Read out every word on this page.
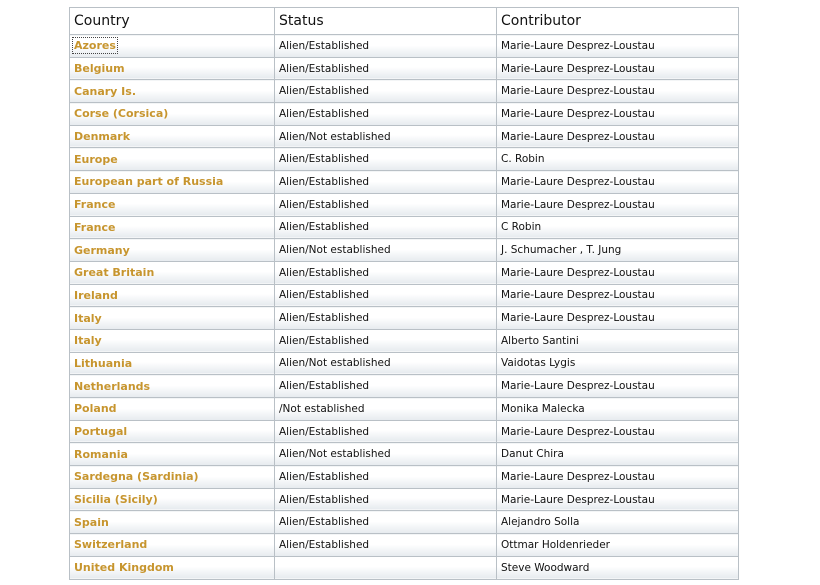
Country	Status	Contributor
Azores	Alien/Established	Marie-Laure Desprez-Loustau
Belgium	Alien/Established	Marie-Laure Desprez-Loustau
Canary Is.	Alien/Established	Marie-Laure Desprez-Loustau
Corse (Corsica)	Alien/Established	Marie-Laure Desprez-Loustau
Denmark	Alien/Not established	Marie-Laure Desprez-Loustau
Europe	Alien/Established	C. Robin
European part of Russia	Alien/Established	Marie-Laure Desprez-Loustau
France	Alien/Established	Marie-Laure Desprez-Loustau
France	Alien/Established	C Robin
Germany	Alien/Not established	J. Schumacher , T. Jung
Great Britain	Alien/Established	Marie-Laure Desprez-Loustau
Ireland	Alien/Established	Marie-Laure Desprez-Loustau
Italy	Alien/Established	Marie-Laure Desprez-Loustau
Italy	Alien/Established	Alberto Santini
Lithuania	Alien/Not established	Vaidotas Lygis
Netherlands	Alien/Established	Marie-Laure Desprez-Loustau
Poland	/Not established	Monika Malecka
Portugal	Alien/Established	Marie-Laure Desprez-Loustau
Romania	Alien/Not established	Danut Chira
Sardegna (Sardinia)	Alien/Established	Marie-Laure Desprez-Loustau
Sicilia (Sicily)	Alien/Established	Marie-Laure Desprez-Loustau
Spain	Alien/Established	Alejandro Solla
Switzerland	Alien/Established	Ottmar Holdenrieder
United Kingdom		Steve Woodward
